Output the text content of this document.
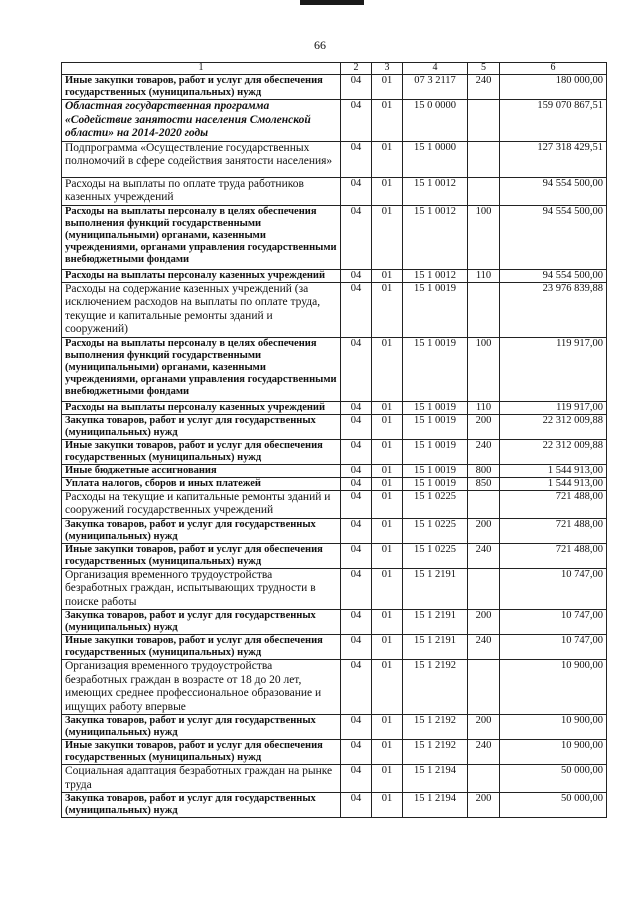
66
1	2	3	4	5	6
Иные закупки товаров, работ и услуг для обеспечения государственных (муниципальных) нужд	04	01	07 3 2117	240	180 000,00
Областная государственная программа «Содействие занятости населения Смоленской области» на 2014-2020 годы	04	01	15 0 0000		159 070 867,51
Подпрограмма «Осуществление государственных полномочий в сфере содействия занятости населения»	04	01	15 1 0000		127 318 429,51
Расходы на выплаты по оплате труда работников казенных учреждений	04	01	15 1 0012		94 554 500,00
Расходы на выплаты персоналу в целях обеспечения выполнения функций государственными (муниципальными) органами, казенными учреждениями, органами управления государственными внебюджетными фондами	04	01	15 1 0012	100	94 554 500,00
Расходы на выплаты персоналу казенных учреждений	04	01	15 1 0012	110	94 554 500,00
Расходы на содержание казенных учреждений (за исключением расходов на выплаты по оплате труда, текущие и капитальные ремонты зданий и сооружений)	04	01	15 1 0019		23 976 839,88
Расходы на выплаты персоналу в целях обеспечения выполнения функций государственными (муниципальными) органами, казенными учреждениями, органами управления государственными внебюджетными фондами	04	01	15 1 0019	100	119 917,00
Расходы на выплаты персоналу казенных учреждений	04	01	15 1 0019	110	119 917,00
Закупка товаров, работ и услуг для государственных (муниципальных) нужд	04	01	15 1 0019	200	22 312 009,88
Иные закупки товаров, работ и услуг для обеспечения государственных (муниципальных) нужд	04	01	15 1 0019	240	22 312 009,88
Иные бюджетные ассигнования	04	01	15 1 0019	800	1 544 913,00
Уплата налогов, сборов и иных платежей	04	01	15 1 0019	850	1 544 913,00
Расходы на текущие и капитальные ремонты зданий и сооружений государственных учреждений	04	01	15 1 0225		721 488,00
Закупка товаров, работ и услуг для государственных (муниципальных) нужд	04	01	15 1 0225	200	721 488,00
Иные закупки товаров, работ и услуг для обеспечения государственных (муниципальных) нужд	04	01	15 1 0225	240	721 488,00
Организация временного трудоустройства безработных граждан, испытывающих трудности в поиске работы	04	01	15 1 2191		10 747,00
Закупка товаров, работ и услуг для государственных (муниципальных) нужд	04	01	15 1 2191	200	10 747,00
Иные закупки товаров, работ и услуг для обеспечения государственных (муниципальных) нужд	04	01	15 1 2191	240	10 747,00
Организация временного трудоустройства безработных граждан в возрасте от 18 до 20 лет, имеющих среднее профессиональное образование и ищущих работу впервые	04	01	15 1 2192		10 900,00
Закупка товаров, работ и услуг для государственных (муниципальных) нужд	04	01	15 1 2192	200	10 900,00
Иные закупки товаров, работ и услуг для обеспечения государственных (муниципальных) нужд	04	01	15 1 2192	240	10 900,00
Социальная адаптация безработных граждан на рынке труда	04	01	15 1 2194		50 000,00
Закупка товаров, работ и услуг для государственных (муниципальных) нужд	04	01	15 1 2194	200	50 000,00
